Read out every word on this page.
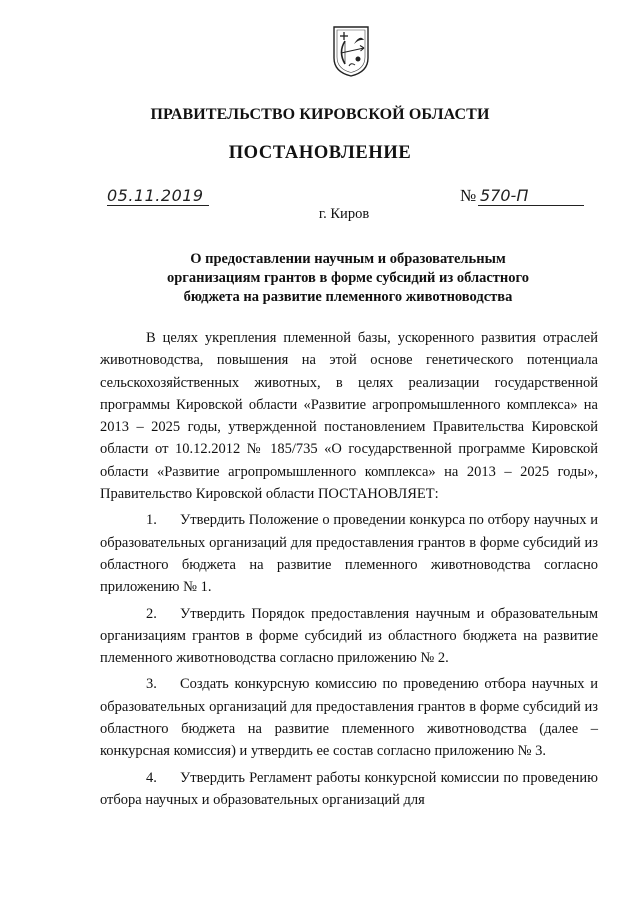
ПРАВИТЕЛЬСТВО КИРОВСКОЙ ОБЛАСТИ
ПОСТАНОВЛЕНИЕ
05.11.2019	№ 570-П
г. Киров
О предоставлении научным и образовательным
организациям грантов в форме субсидий из областного
бюджета на развитие племенного животноводства

В целях укрепления племенной базы, ускоренного развития отраслей животноводства, повышения на этой основе генетического потенциала сельскохозяйственных животных, в целях реализации государственной программы Кировской области «Развитие агропромышленного комплекса» на 2013 – 2025 годы, утвержденной постановлением Правительства Кировской области от 10.12.2012 № 185/735 «О государственной программе Кировской области «Развитие агропромышленного комплекса» на 2013 – 2025 годы», Правительство Кировской области ПОСТАНОВЛЯЕТ:

1. Утвердить Положение о проведении конкурса по отбору научных и образовательных организаций для предоставления грантов в форме субсидий из областного бюджета на развитие племенного животноводства согласно приложению № 1.

2. Утвердить Порядок предоставления научным и образовательным организациям грантов в форме субсидий из областного бюджета на развитие племенного животноводства согласно приложению № 2.

3. Создать конкурсную комиссию по проведению отбора научных и образовательных организаций для предоставления грантов в форме субсидий из областного бюджета на развитие племенного животноводства (далее – конкурсная комиссия) и утвердить ее состав согласно приложению № 3.

4. Утвердить Регламент работы конкурсной комиссии по проведению отбора научных и образовательных организаций для
